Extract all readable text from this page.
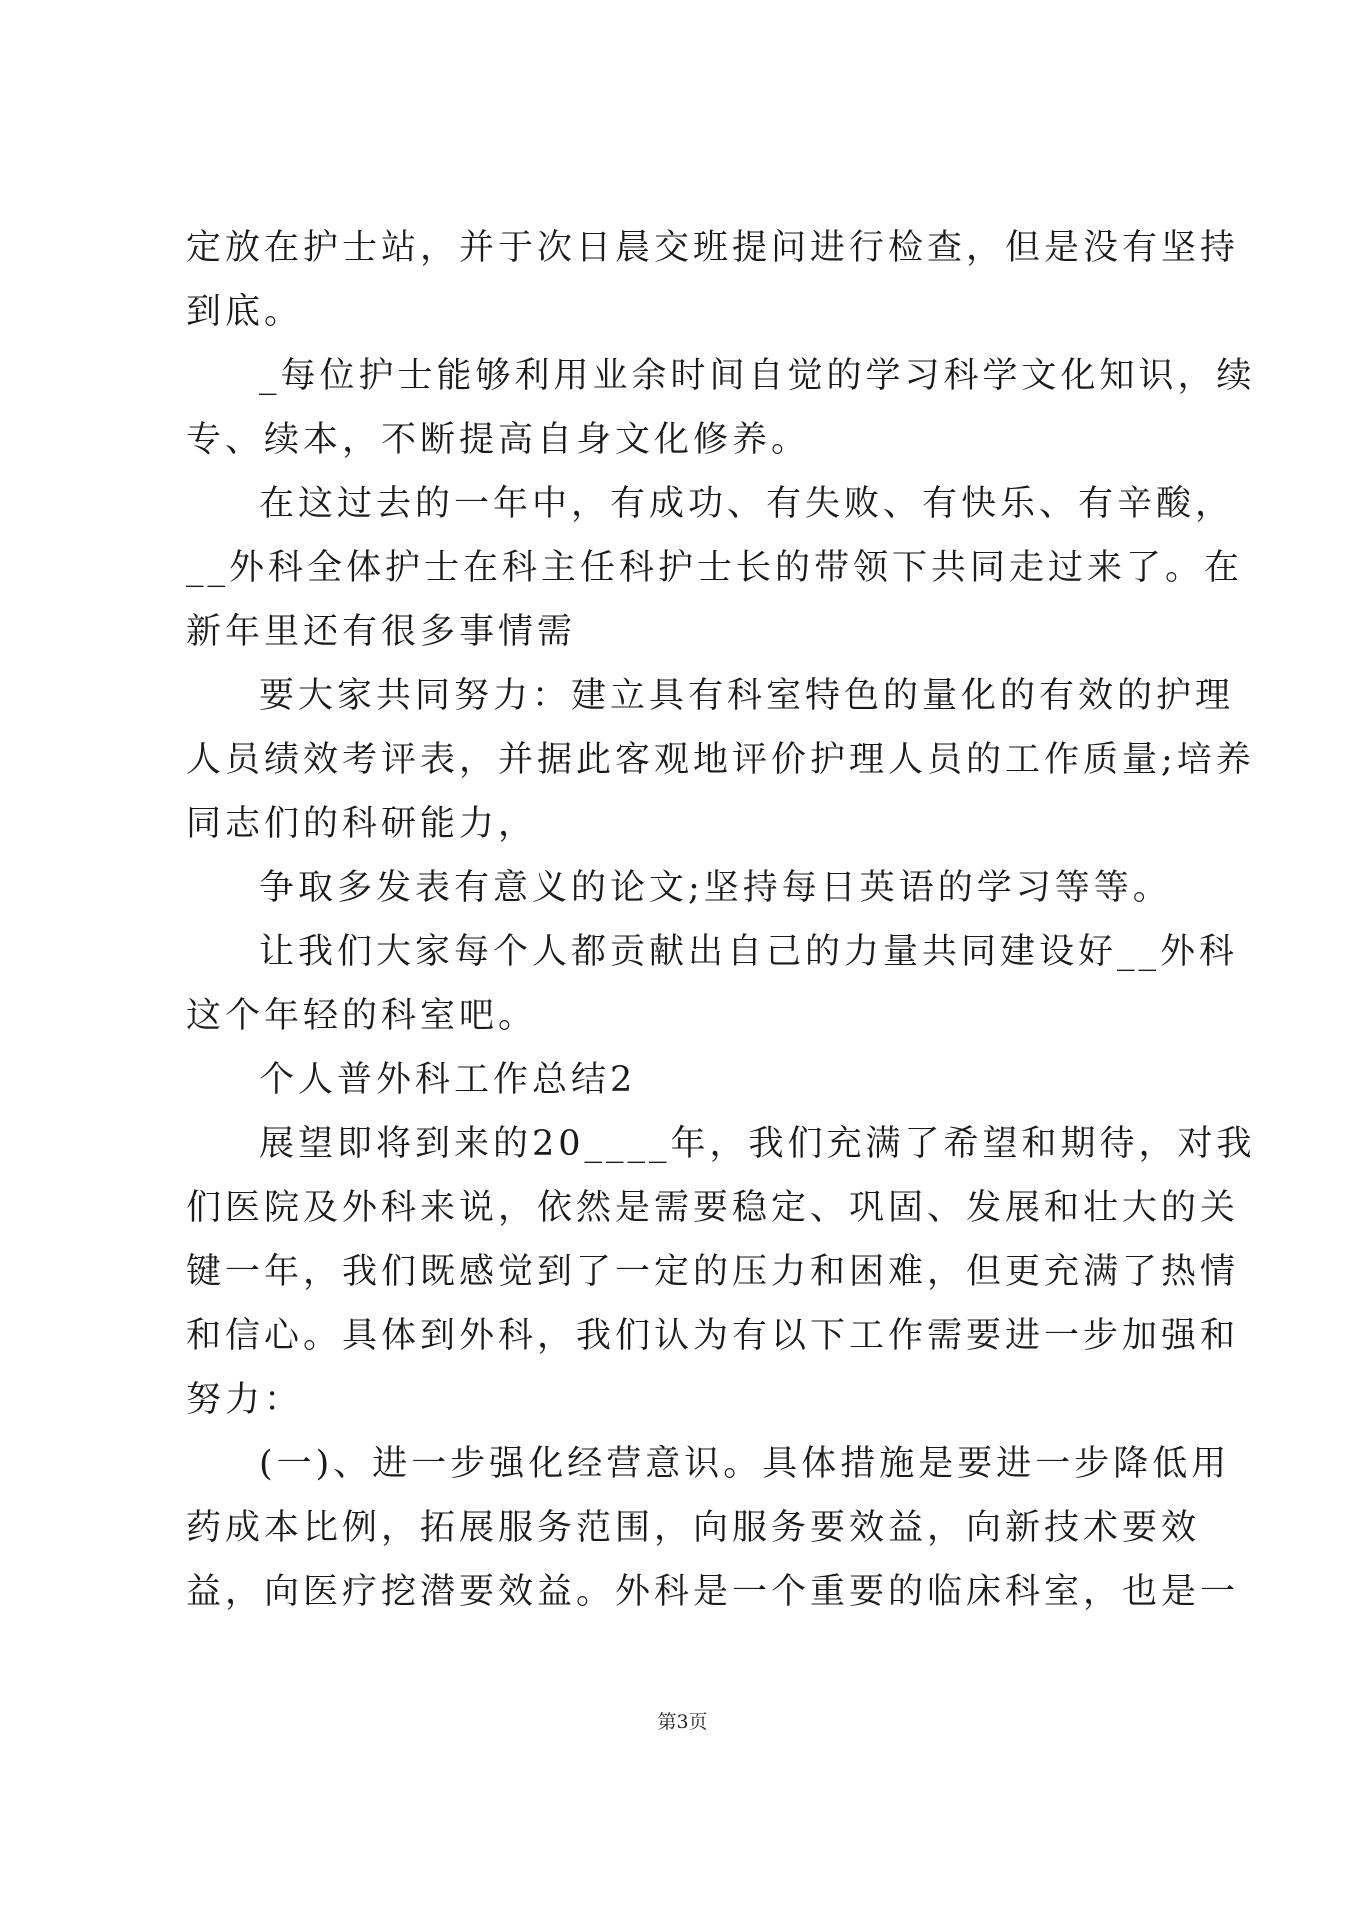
定放在护士站，并于次日晨交班提问进行检查，但是没有坚持
到底。
_每位护士能够利用业余时间自觉的学习科学文化知识，续
专、续本，不断提高自身文化修养。
在这过去的一年中，有成功、有失败、有快乐、有辛酸，
__外科全体护士在科主任科护士长的带领下共同走过来了。在
新年里还有很多事情需
要大家共同努力：建立具有科室特色的量化的有效的护理
人员绩效考评表，并据此客观地评价护理人员的工作质量;培养
同志们的科研能力，
争取多发表有意义的论文;坚持每日英语的学习等等。
让我们大家每个人都贡献出自己的力量共同建设好__外科
这个年轻的科室吧。
个人普外科工作总结2
展望即将到来的20____年，我们充满了希望和期待，对我
们医院及外科来说，依然是需要稳定、巩固、发展和壮大的关
键一年，我们既感觉到了一定的压力和困难，但更充满了热情
和信心。具体到外科，我们认为有以下工作需要进一步加强和
努力：
(一)、进一步强化经营意识。具体措施是要进一步降低用
药成本比例，拓展服务范围，向服务要效益，向新技术要效
益，向医疗挖潜要效益。外科是一个重要的临床科室，也是一
第3页
